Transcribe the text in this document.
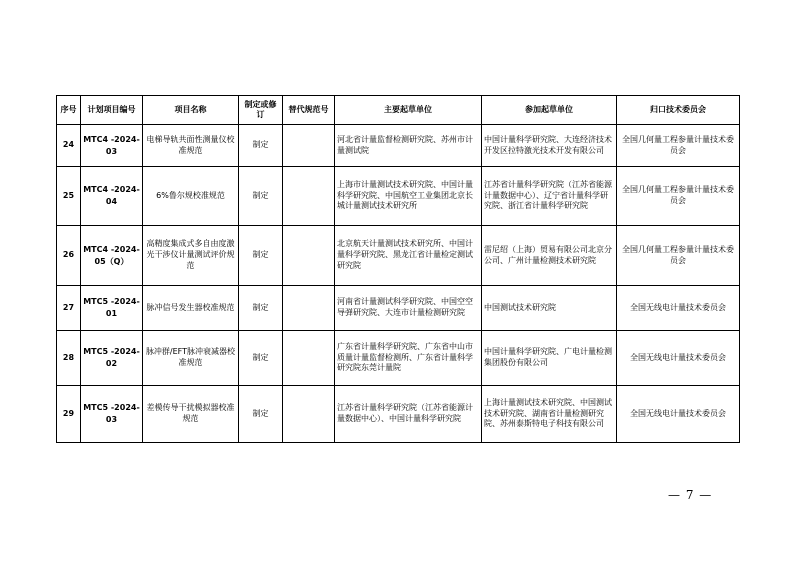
序号	计划项目编号	项目名称	制定或修订	替代规范号	主要起草单位	参加起草单位	归口技术委员会
24	MTC4 -2024-03	电梯导轨共面性测量仪校准规范	制定		河北省计量监督检测研究院、苏州市计量测试院	中国计量科学研究院、大连经济技术开发区拉特激光技术开发有限公司	全国几何量工程参量计量技术委员会
25	MTC4 -2024-04	6%鲁尔规校准规范	制定		上海市计量测试技术研究院、中国计量科学研究院、中国航空工业集团北京长城计量测试技术研究所	江苏省计量科学研究院（江苏省能源计量数据中心）、辽宁省计量科学研究院、浙江省计量科学研究院	全国几何量工程参量计量技术委员会
26	MTC4 -2024-05（Q）	高精度集成式多自由度激光干涉仪计量测试评价规范	制定		北京航天计量测试技术研究所、中国计量科学研究院、黑龙江省计量检定测试研究院	雷尼绍（上海）贸易有限公司北京分公司、广州计量检测技术研究院	全国几何量工程参量计量技术委员会
27	MTC5 -2024-01	脉冲信号发生器校准规范	制定		河南省计量测试科学研究院、中国空空导弹研究院、大连市计量检测研究院	中国测试技术研究院	全国无线电计量技术委员会
28	MTC5 -2024-02	脉冲群/EFT脉冲衰减器校准规范	制定		广东省计量科学研究院、广东省中山市质量计量监督检测所、广东省计量科学研究院东莞计量院	中国计量科学研究院、广电计量检测集团股份有限公司	全国无线电计量技术委员会
29	MTC5 -2024-03	差模传导干扰模拟器校准规范	制定		江苏省计量科学研究院（江苏省能源计量数据中心）、中国计量科学研究院	上海计量测试技术研究院、中国测试技术研究院、湖南省计量检测研究院、苏州泰斯特电子科技有限公司	全国无线电计量技术委员会
— 7 —
